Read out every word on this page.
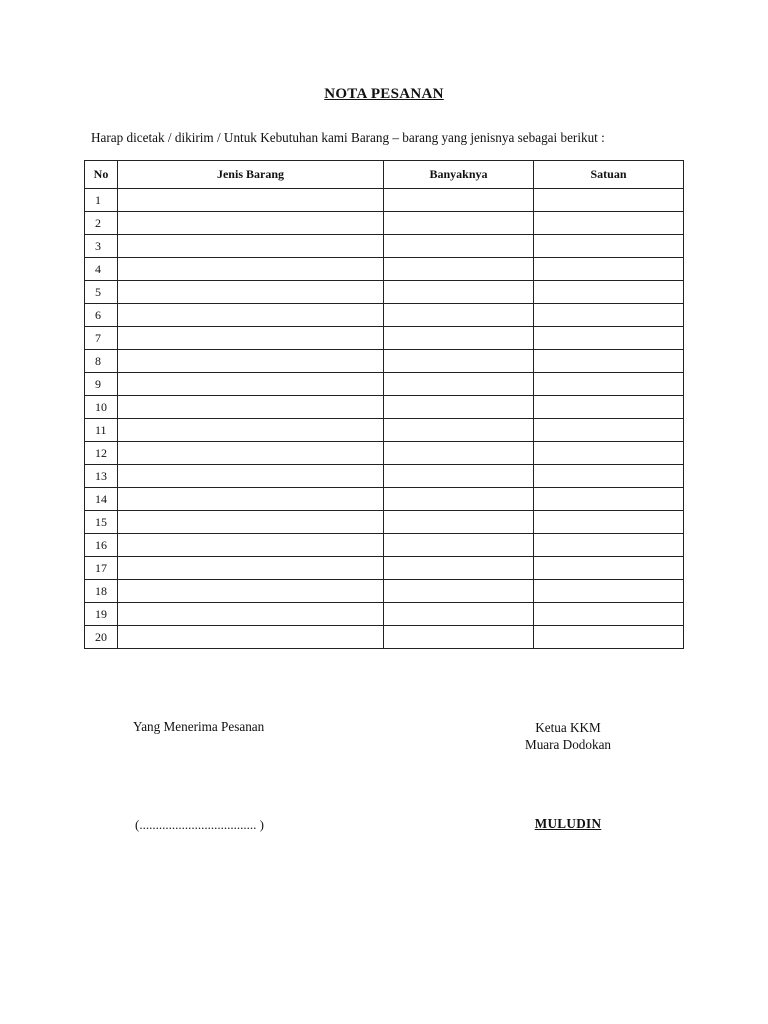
NOTA PESANAN
Harap dicetak / dikirim / Untuk Kebutuhan kami Barang – barang yang jenisnya sebagai berikut :
No	Jenis Barang	Banyaknya	Satuan
1			
2			
3			
4			
5			
6			
7			
8			
9			
10			
11			
12			
13			
14			
15			
16			
17			
18			
19			
20			
Yang Menerima Pesanan	Ketua KKM
Muara Dodokan
(.................................... )	MULUDIN
